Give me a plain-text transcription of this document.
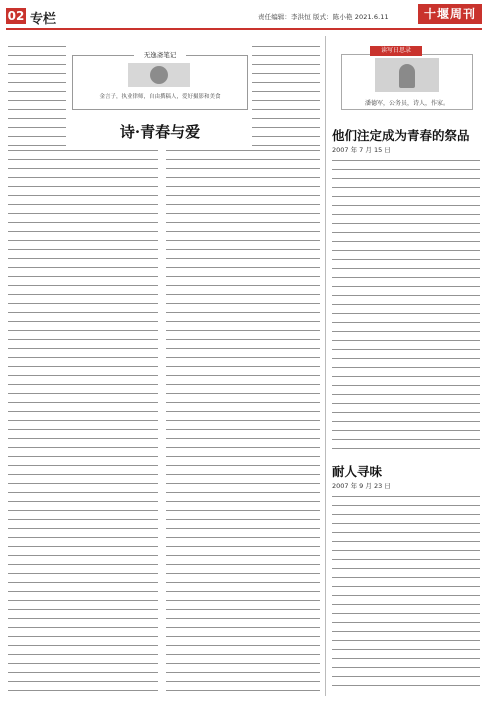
02 专栏	责任编辑：李洪恒 版式：陈小艳 2021.6.11	十堰周刊
无逸斋笔记
金言子，执业律师，自由撰稿人，爱好摄影和美食
诗·青春与爱
读写日思录
潘德军，公务员，诗人，作家。
他们注定成为青春的祭品
2007 年 7 月 15 日
耐人寻味
2007 年 9 月 23 日
